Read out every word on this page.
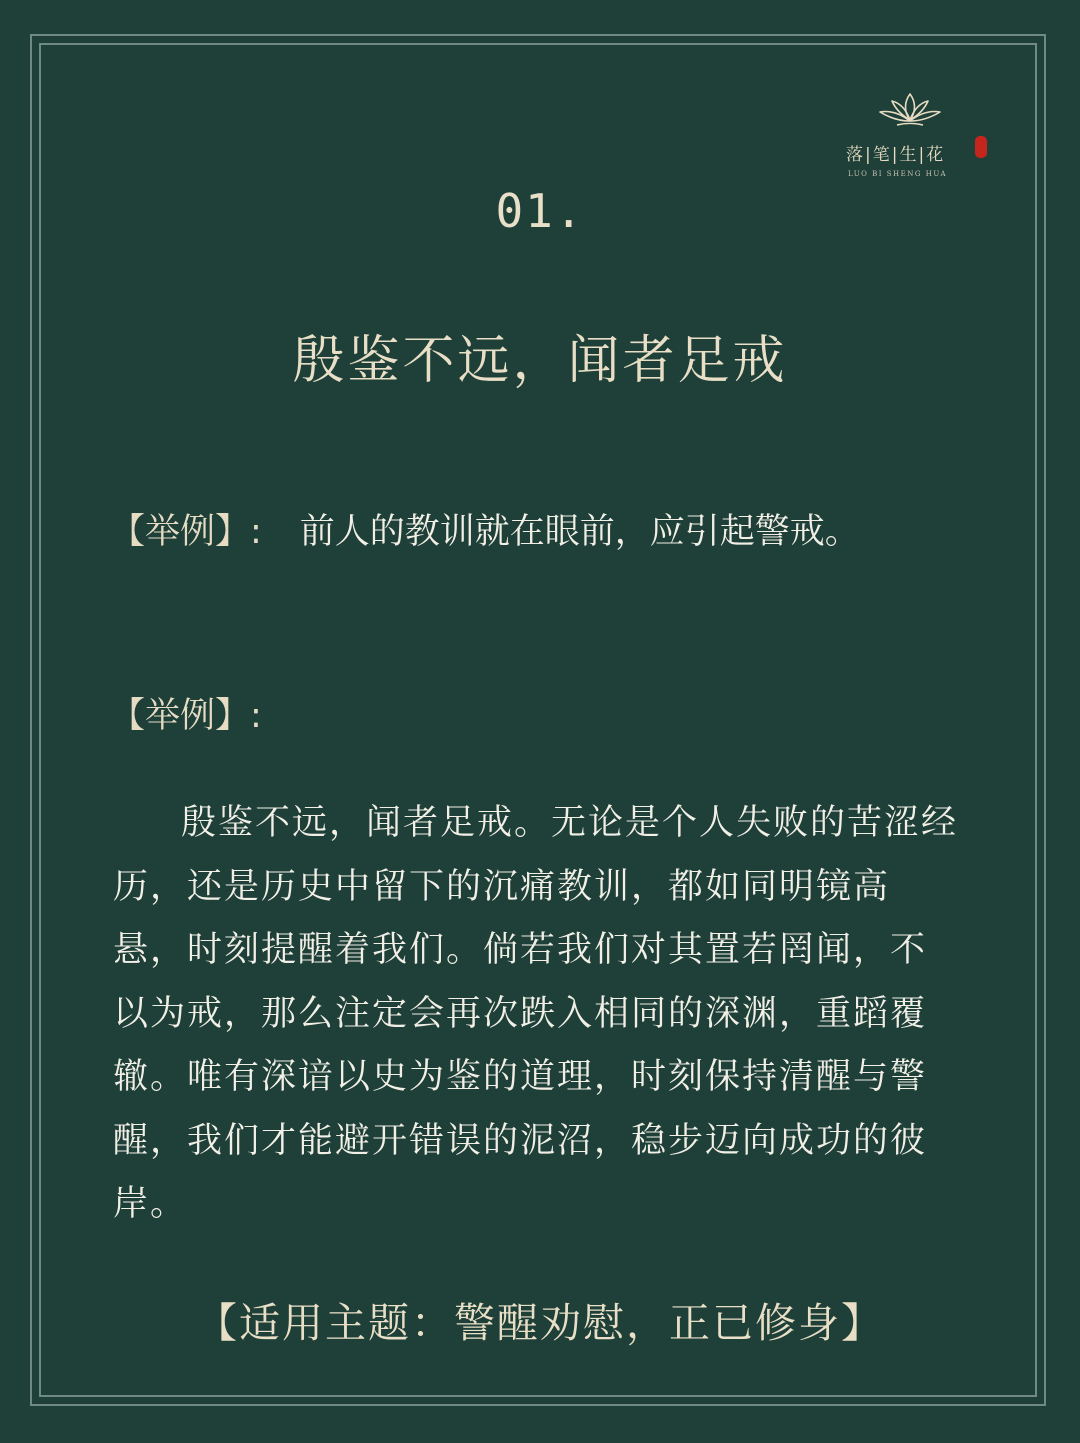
落|笔|生|花
LUO BI SHENG HUA
01.
殷鉴不远，闻者足戒
【举例】: 前人的教训就在眼前，应引起警戒。
【举例】:
殷鉴不远，闻者足戒。无论是个人失败的苦涩经历，还是历史中留下的沉痛教训，都如同明镜高悬，时刻提醒着我们。倘若我们对其置若罔闻，不以为戒，那么注定会再次跌入相同的深渊，重蹈覆辙。唯有深谙以史为鉴的道理，时刻保持清醒与警醒，我们才能避开错误的泥沼，稳步迈向成功的彼岸。
【适用主题：警醒劝慰，正已修身】
